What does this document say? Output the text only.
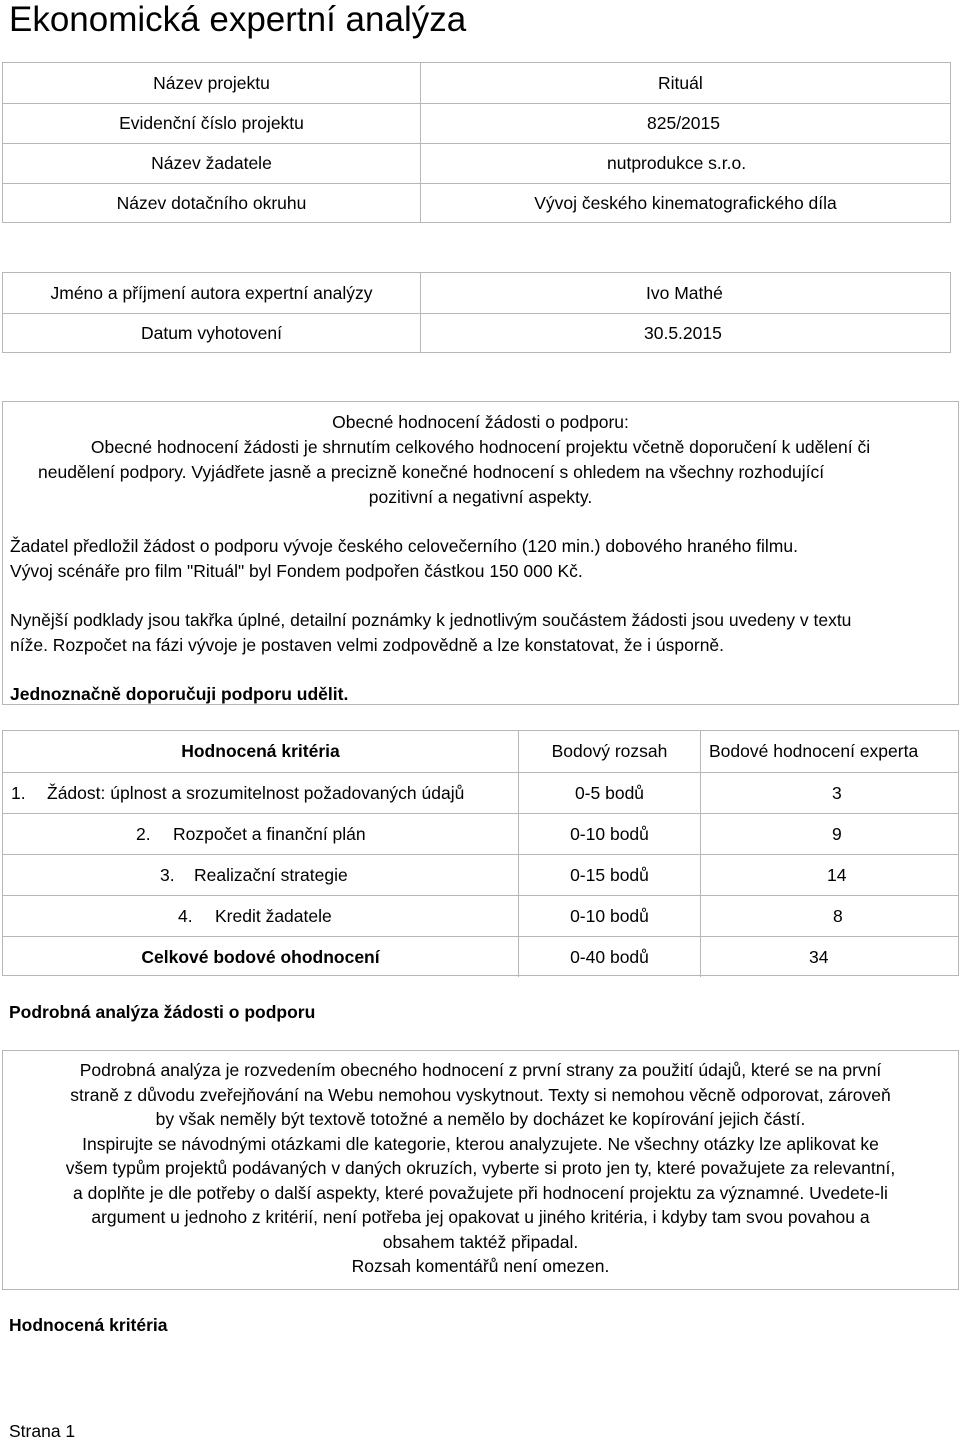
Ekonomická expertní analýza
Název projektu	Rituál
Evidenční číslo projektu	825/2015
Název žadatele	nutprodukce s.r.o.
Název dotačního okruhu	Vývoj českého kinematografického díla
Jméno a příjmení autora expertní analýzy	Ivo Mathé
Datum vyhotovení	30.5.2015

Obecné hodnocení žádosti o podporu:

Obecné hodnocení žádosti je shrnutím celkového hodnocení projektu včetně doporučení k udělení či

neudělení podpory. Vyjádřete jasně a precizně konečné hodnocení s ohledem na všechny rozhodující

pozitivní a negativní aspekty.

Žadatel předložil žádost o podporu vývoje českého celovečerního (120 min.) dobového hraného filmu.

Vývoj scénáře pro film "Rituál" byl Fondem podpořen částkou 150 000 Kč.

Nynější podklady jsou takřka úplné, detailní poznámky k jednotlivým součástem žádosti jsou uvedeny v textu

níže. Rozpočet na fázi vývoje je postaven velmi zodpovědně a lze konstatovat, že i úsporně.

Jednoznačně doporučuji podporu udělit.

Hodnocená kritéria	Bodový rozsah	Bodové hodnocení experta
1.	Žádost: úplnost a srozumitelnost požadovaných údajů	0-5 bodů	3
2.	Rozpočet a finanční plán	0-10 bodů	9
3.	Realizační strategie	0-15 bodů	14
4.	Kredit žadatele	0-10 bodů	8
Celkové bodové ohodnocení	0-40 bodů	34

Podrobná analýza žádosti o podporu

Podrobná analýza je rozvedením obecného hodnocení z první strany za použití údajů, které se na první

straně z důvodu zveřejňování na Webu nemohou vyskytnout. Texty si nemohou věcně odporovat, zároveň

by však neměly být textově totožné a nemělo by docházet ke kopírování jejich částí.

Inspirujte se návodnými otázkami dle kategorie, kterou analyzujete. Ne všechny otázky lze aplikovat ke

všem typům projektů podávaných v daných okruzích, vyberte si proto jen ty, které považujete za relevantní,

a doplňte je dle potřeby o další aspekty, které považujete při hodnocení projektu za významné. Uvedete-li

argument u jednoho z kritérií, není potřeba jej opakovat u jiného kritéria, i kdyby tam svou povahou a

obsahem taktéž připadal.

Rozsah komentářů není omezen.

Hodnocená kritéria

Strana 1
